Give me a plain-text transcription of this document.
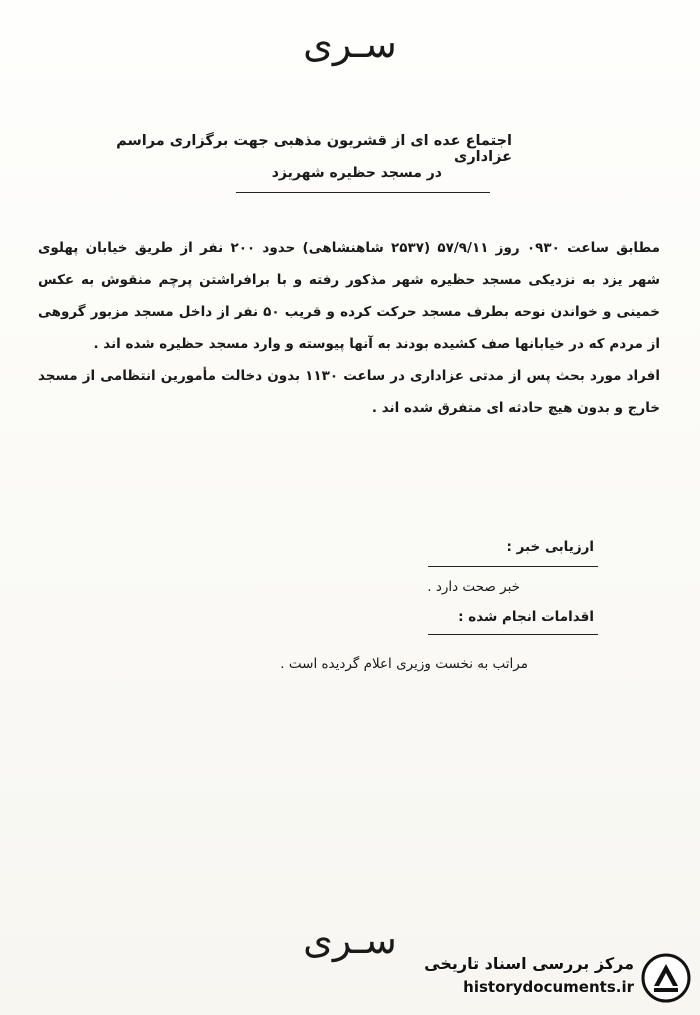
سـری
اجتماع عده ای از قشریون مذهبی جهت برگزاری مراسم عزاداری
در مسجد حظیره شهریزد

مطابق ساعت ۰۹۳۰ روز ۵۷/۹/۱۱ (۲۵۳۷ شاهنشاهی) حدود ۲۰۰ نفر از طریق خیابان پهلوی شهر یزد به نزدیکی مسجد حظیره شهر مذکور رفته و با برافراشتن پرچم منقوش به عکس خمینی و خواندن نوحه بطرف مسجد حرکت کرده و قریب ۵۰ نفر از داخل مسجد مزبور گروهی از مردم که در خیابانها صف کشیده بودند به آنها پیوسته و وارد مسجد حظیره شده اند .

افراد مورد بحث پس از مدتی عزاداری در ساعت ۱۱۳۰ بدون دخالت مأمورین انتظامی از مسجد خارج و بدون هیچ حادثه ای متفرق شده اند .

ارزیابی خبر :
خبر صحت دارد .
اقدامات انجام شده :
مراتب به نخست وزیری اعلام گردیده است .
سـری
مرکز بررسی اسناد تاریخی
historydocuments.ir
